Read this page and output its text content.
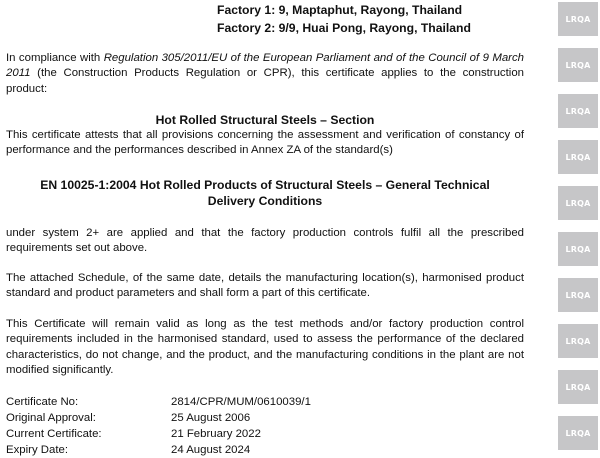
Factory 1: 9, Maptaphut, Rayong, Thailand
Factory 2: 9/9, Huai Pong, Rayong, Thailand
In compliance with Regulation 305/2011/EU of the European Parliament and of the Council of 9 March 2011 (the Construction Products Regulation or CPR), this certificate applies to the construction product:
Hot Rolled Structural Steels – Section
This certificate attests that all provisions concerning the assessment and verification of constancy of performance and the performances described in Annex ZA of the standard(s)
EN 10025-1:2004 Hot Rolled Products of Structural Steels – General Technical Delivery Conditions
under system 2+ are applied and that the factory production controls fulfil all the prescribed requirements set out above.
The attached Schedule, of the same date, details the manufacturing location(s), harmonised product standard and product parameters and shall form a part of this certificate.
This Certificate will remain valid as long as the test methods and/or factory production control requirements included in the harmonised standard, used to assess the performance of the declared characteristics, do not change, and the product, and the manufacturing conditions in the plant are not modified significantly.
Certificate No:	2814/CPR/MUM/0610039/1
Original Approval:	25 August 2006
Current Certificate:	21 February 2022
Expiry Date:	24 August 2024
LRQA
LRQA
LRQA
LRQA
LRQA
LRQA
LRQA
LRQA
LRQA
LRQA
